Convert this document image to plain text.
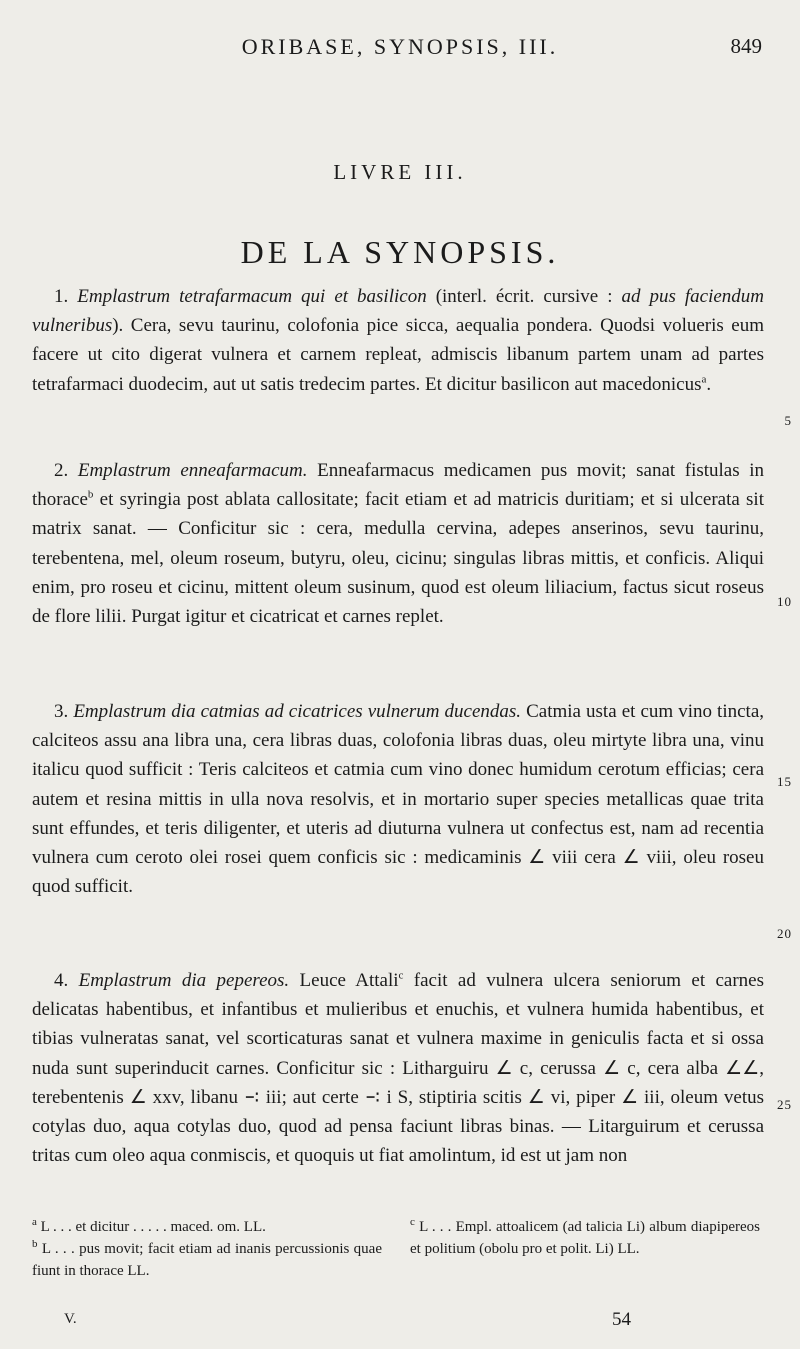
ORIBASE, SYNOPSIS, III.	849
LIVRE III.
DE LA SYNOPSIS.

1. Emplastrum tetrafarmacum qui et basilicon (interl. écrit. cursive : ad pus faciendum vulneribus). Cera, sevu taurinu, colofonia pice sicca, aequalia pondera. Quodsi volueris eum facere ut cito digerat vulnera et carnem repleat, admiscis libanum partem unam ad partes tetrafarmaci duodecim, aut ut satis tredecim partes. Et dicitur basilicon aut macedonicus$^a$.

2. Emplastrum enneafarmacum. Enneafarmacus medicamen pus movit; sanat fistulas in thorace$^b$ et syringia post ablata callositate; facit etiam et ad matricis duritiam; et si ulcerata sit matrix sanat. — Conficitur sic : cera, medulla cervina, adepes anserinos, sevu taurinu, terebentena, mel, oleum roseum, butyru, oleu, cicinu; singulas libras mittis, et conficis. Aliqui enim, pro roseu et cicinu, mittent oleum susinum, quod est oleum liliacium, factus sicut roseus de flore lilii. Purgat igitur et cicatricat et carnes replet.

3. Emplastrum dia catmias ad cicatrices vulnerum ducendas. Catmia usta et cum vino tincta, calciteos assu ana libra una, cera libras duas, colofonia libras duas, oleu mirtyte libra una, vinu italicu quod sufficit : Teris calciteos et catmia cum vino donec humidum cerotum efficias; cera autem et resina mittis in ulla nova resolvis, et in mortario super species metallicas quae trita sunt effundes, et teris diligenter, et uteris ad diuturna vulnera ut confectus est, nam ad recentia vulnera cum ceroto olei rosei quem conficis sic : medicaminis ∠ viii cera ∠ viii, oleu roseu quod sufficit.

4. Emplastrum dia pepereos. Leuce Attali$^c$ facit ad vulnera ulcera seniorum et carnes delicatas habentibus, et infantibus et mulieribus et enuchis, et vulnera humida habentibus, et tibias vulneratas sanat, vel scorticaturas sanat et vulnera maxime in geniculis facta et si ossa nuda sunt superinducit carnes. Conficitur sic : Litharguiru ∠ c, cerussa ∠ c, cera alba ∠∠, terebentenis ∠ xxv, libanu ∹ iii; aut certe ∹ i S, stiptiria scitis ∠ vi, piper ∠ iii, oleum vetus cotylas duo, aqua cotylas duo, quod ad pensa faciunt libras binas. — Litarguirum et cerussa tritas cum oleo aqua conmiscis, et quoquis ut fiat amolintum, id est ut jam non

5
10
15
20
25

$^a$ L . . . et dicitur . . . . . maced. om. LL.

$^b$ L . . . pus movit; facit etiam ad inanis percussionis quae fiunt in thorace LL.

$^c$ L . . . Empl. attoalicem (ad talicia Li) album diapipereos et politium (obolu pro et polit. Li) LL.

V.	54
